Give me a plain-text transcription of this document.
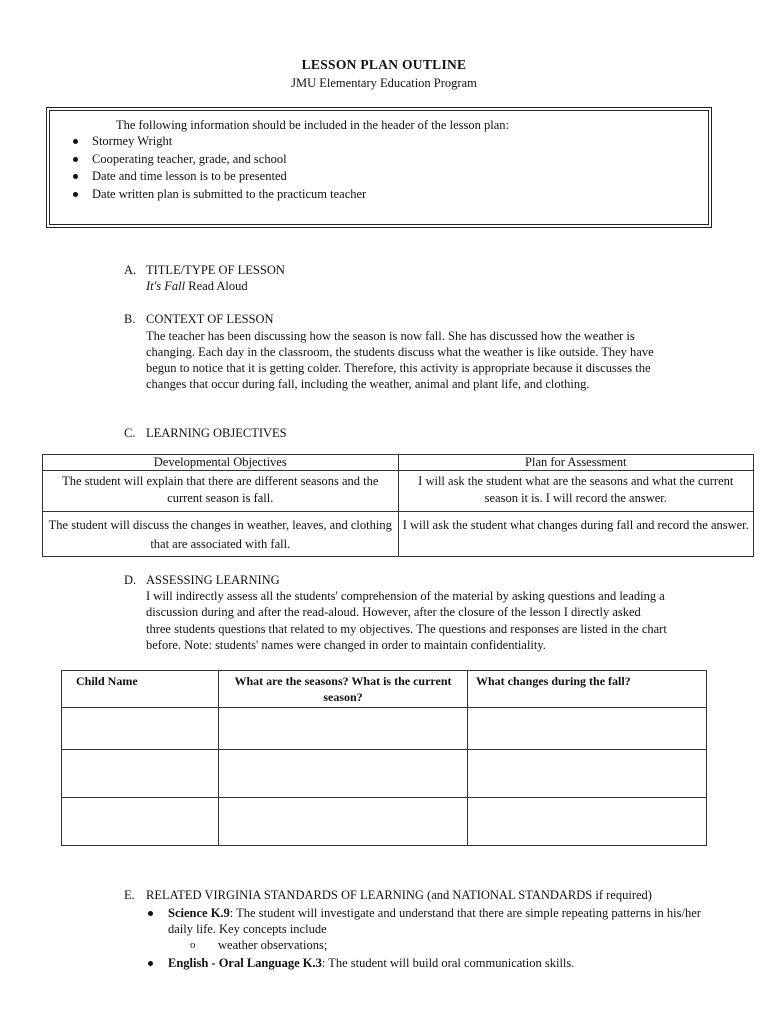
LESSON PLAN OUTLINE
JMU Elementary Education Program
The following information should be included in the header of the lesson plan:
Stormey Wright
Cooperating teacher, grade, and school
Date and time lesson is to be presented
Date written plan is submitted to the practicum teacher
A. TITLE/TYPE OF LESSON
It's Fall Read Aloud
B. CONTEXT OF LESSON
The teacher has been discussing how the season is now fall. She has discussed how the weather is
changing. Each day in the classroom, the students discuss what the weather is like outside. They have
begun to notice that it is getting colder. Therefore, this activity is appropriate because it discusses the
changes that occur during fall, including the weather, animal and plant life, and clothing.
C. LEARNING OBJECTIVES
Developmental Objectives	Plan for Assessment
The student will explain that there are different seasons and the current season is fall.	I will ask the student what are the seasons and what the current season it is. I will record the answer.
The student will discuss the changes in weather, leaves, and clothing that are associated with fall.	I will ask the student what changes during fall and record the answer.
D. ASSESSING LEARNING
I will indirectly assess all the students' comprehension of the material by asking questions and leading a
discussion during and after the read-aloud. However, after the closure of the lesson I directly asked
three students questions that related to my objectives. The questions and responses are listed in the chart
before. Note: students' names were changed in order to maintain confidentiality.
Child Name	What are the seasons? What is the current season?	What changes during the fall?

E. RELATED VIRGINIA STANDARDS OF LEARNING (and NATIONAL STANDARDS if required)
Science K.9: The student will investigate and understand that there are simple repeating patterns in his/her daily life. Key concepts include
o weather observations;
English - Oral Language K.3: The student will build oral communication skills.
